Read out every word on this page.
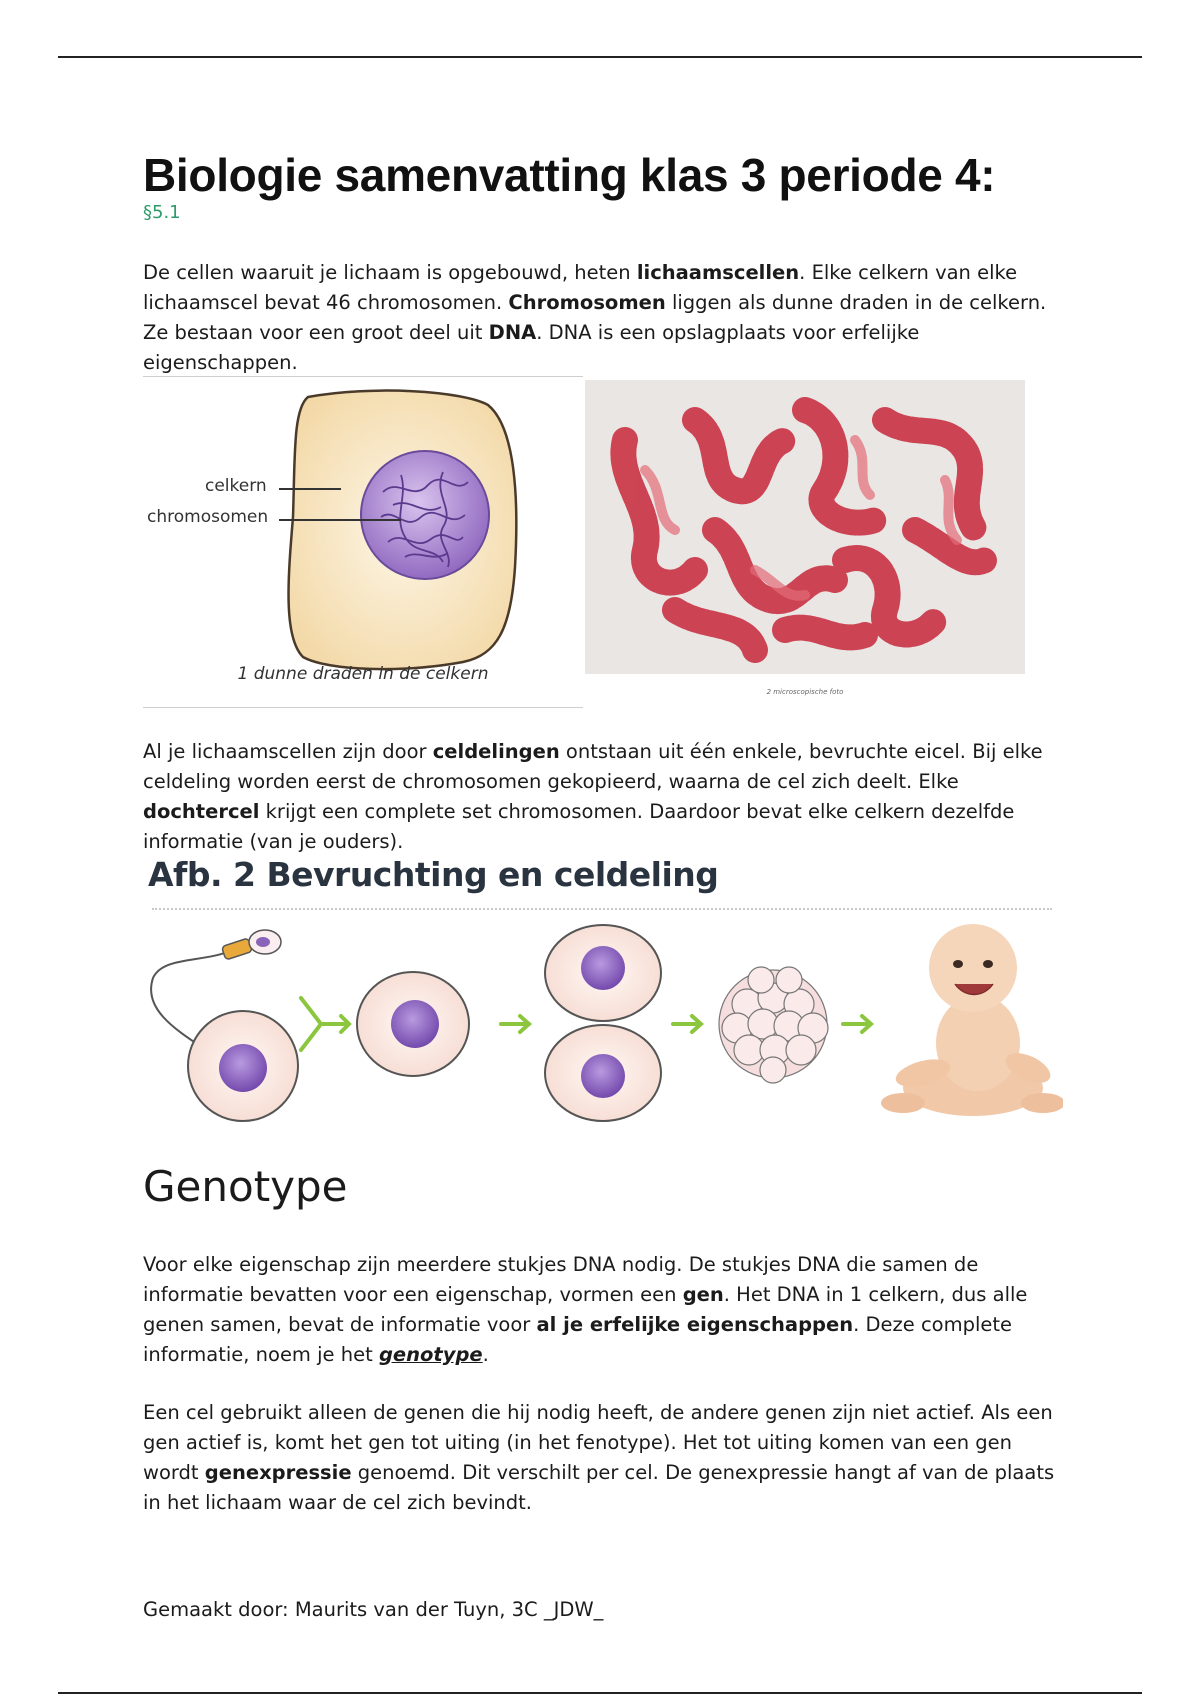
Biologie samenvatting klas 3 periode 4:
§5.1

De cellen waaruit je lichaam is opgebouwd, heten lichaamscellen. Elke celkern van elke lichaamscel bevat 46 chromosomen. Chromosomen liggen als dunne draden in de celkern. Ze bestaan voor een groot deel uit DNA. DNA is een opslagplaats voor erfelijke eigenschappen.

celkern
chromosomen
1 dunne draden in de celkern
2 microscopische foto

Al je lichaamscellen zijn door celdelingen ontstaan uit één enkele, bevruchte eicel. Bij elke celdeling worden eerst de chromosomen gekopieerd, waarna de cel zich deelt. Elke dochtercel krijgt een complete set chromosomen. Daardoor bevat elke celkern dezelfde informatie (van je ouders).

Afb. 2 Bevruchting en celdeling
Genotype

Voor elke eigenschap zijn meerdere stukjes DNA nodig. De stukjes DNA die samen de informatie bevatten voor een eigenschap, vormen een gen. Het DNA in 1 celkern, dus alle genen samen, bevat de informatie voor al je erfelijke eigenschappen. Deze complete informatie, noem je het genotype.

Een cel gebruikt alleen de genen die hij nodig heeft, de andere genen zijn niet actief. Als een gen actief is, komt het gen tot uiting (in het fenotype). Het tot uiting komen van een gen wordt genexpressie genoemd. Dit verschilt per cel. De genexpressie hangt af van de plaats in het lichaam waar de cel zich bevindt.

Gemaakt door: Maurits van der Tuyn, 3C _JDW_
